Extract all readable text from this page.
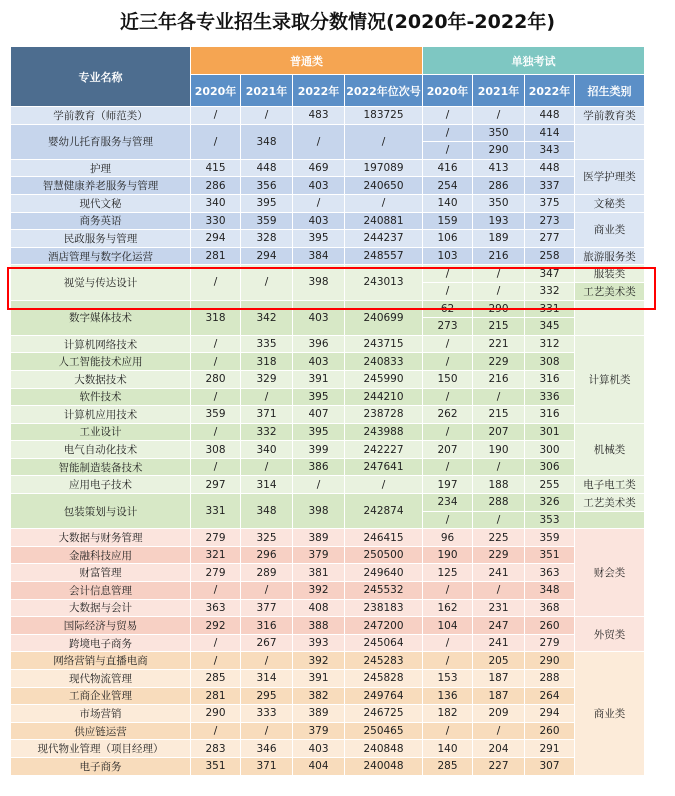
近三年各专业招生录取分数情况(2020年-2022年)
专业名称	普通类				单独考试			
	2020年	2021年	2022年	2022年位次号	2020年	2021年	2022年	招生类别
学前教育（师范类）	/	/	483	183725	/	/	448	学前教育类
婴幼儿托育服务与管理	/	348	/	/	/	350	414	
					/	290	343	
护理	415	448	469	197089	416	413	448	医学护理类
智慧健康养老服务与管理	286	356	403	240650	254	286	337	
现代文秘	340	395	/	/	140	350	375	文秘类
商务英语	330	359	403	240881	159	193	273	商业类
民政服务与管理	294	328	395	244237	106	189	277	
酒店管理与数字化运营	281	294	384	248557	103	216	258	旅游服务类
视觉与传达设计	/	/	398	243013	/	/	347	服装类
					/	/	332	工艺美术类
数字媒体技术	318	342	403	240699	62	290	331	
					273	215	345	
计算机网络技术	/	335	396	243715	/	221	312	计算机类
人工智能技术应用	/	318	403	240833	/	229	308	
大数据技术	280	329	391	245990	150	216	316	
软件技术	/	/	395	244210	/	/	336	
计算机应用技术	359	371	407	238728	262	215	316	
工业设计	/	332	395	243988	/	207	301	机械类
电气自动化技术	308	340	399	242227	207	190	300	
智能制造装备技术	/	/	386	247641	/	/	306	
应用电子技术	297	314	/	/	197	188	255	电子电工类
包装策划与设计	331	348	398	242874	234	288	326	工艺美术类
					/	/	353	
大数据与财务管理	279	325	389	246415	96	225	359	财会类
金融科技应用	321	296	379	250500	190	229	351	
财富管理	279	289	381	249640	125	241	363	
会计信息管理	/	/	392	245532	/	/	348	
大数据与会计	363	377	408	238183	162	231	368	
国际经济与贸易	292	316	388	247200	104	247	260	外贸类
跨境电子商务	/	267	393	245064	/	241	279	
网络营销与直播电商	/	/	392	245283	/	205	290	商业类
现代物流管理	285	314	391	245828	153	187	288	
工商企业管理	281	295	382	249764	136	187	264	
市场营销	290	333	389	246725	182	209	294	
供应链运营	/	/	379	250465	/	/	260	
现代物业管理（项目经理）	283	346	403	240848	140	204	291	
电子商务	351	371	404	240048	285	227	307	
